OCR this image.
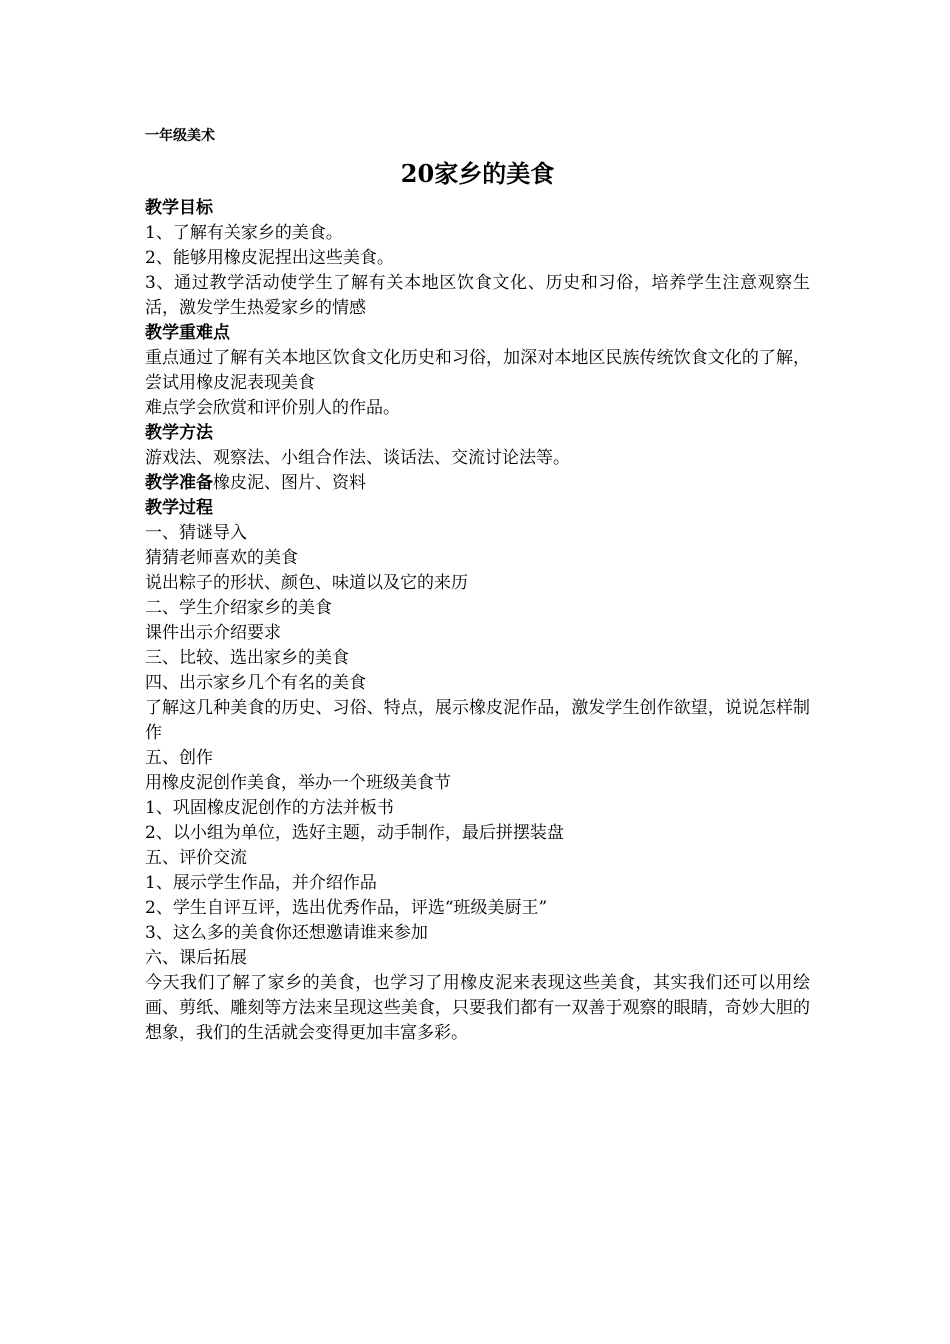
一年级美术
20家乡的美食

教学目标

1、了解有关家乡的美食。

2、能够用橡皮泥捏出这些美食。

3、通过教学活动使学生了解有关本地区饮食文化、历史和习俗，培养学生注意观察生活，激发学生热爱家乡的情感

教学重难点

重点通过了解有关本地区饮食文化历史和习俗，加深对本地区民族传统饮食文化的了解，尝试用橡皮泥表现美食

难点学会欣赏和评价别人的作品。

教学方法

游戏法、观察法、小组合作法、谈话法、交流讨论法等。

教学准备橡皮泥、图片、资料

教学过程

一、猜谜导入

猜猜老师喜欢的美食

说出粽子的形状、颜色、味道以及它的来历

二、学生介绍家乡的美食

课件出示介绍要求

三、比较、选出家乡的美食

四、出示家乡几个有名的美食

了解这几种美食的历史、习俗、特点，展示橡皮泥作品，激发学生创作欲望，说说怎样制作

五、创作

用橡皮泥创作美食，举办一个班级美食节

1、巩固橡皮泥创作的方法并板书

2、以小组为单位，选好主题，动手制作，最后拼摆装盘

五、评价交流

1、展示学生作品，并介绍作品

2、学生自评互评，选出优秀作品，评选“班级美厨王”

3、这么多的美食你还想邀请谁来参加

六、课后拓展

今天我们了解了家乡的美食，也学习了用橡皮泥来表现这些美食，其实我们还可以用绘画、剪纸、雕刻等方法来呈现这些美食，只要我们都有一双善于观察的眼睛，奇妙大胆的想象，我们的生活就会变得更加丰富多彩。
